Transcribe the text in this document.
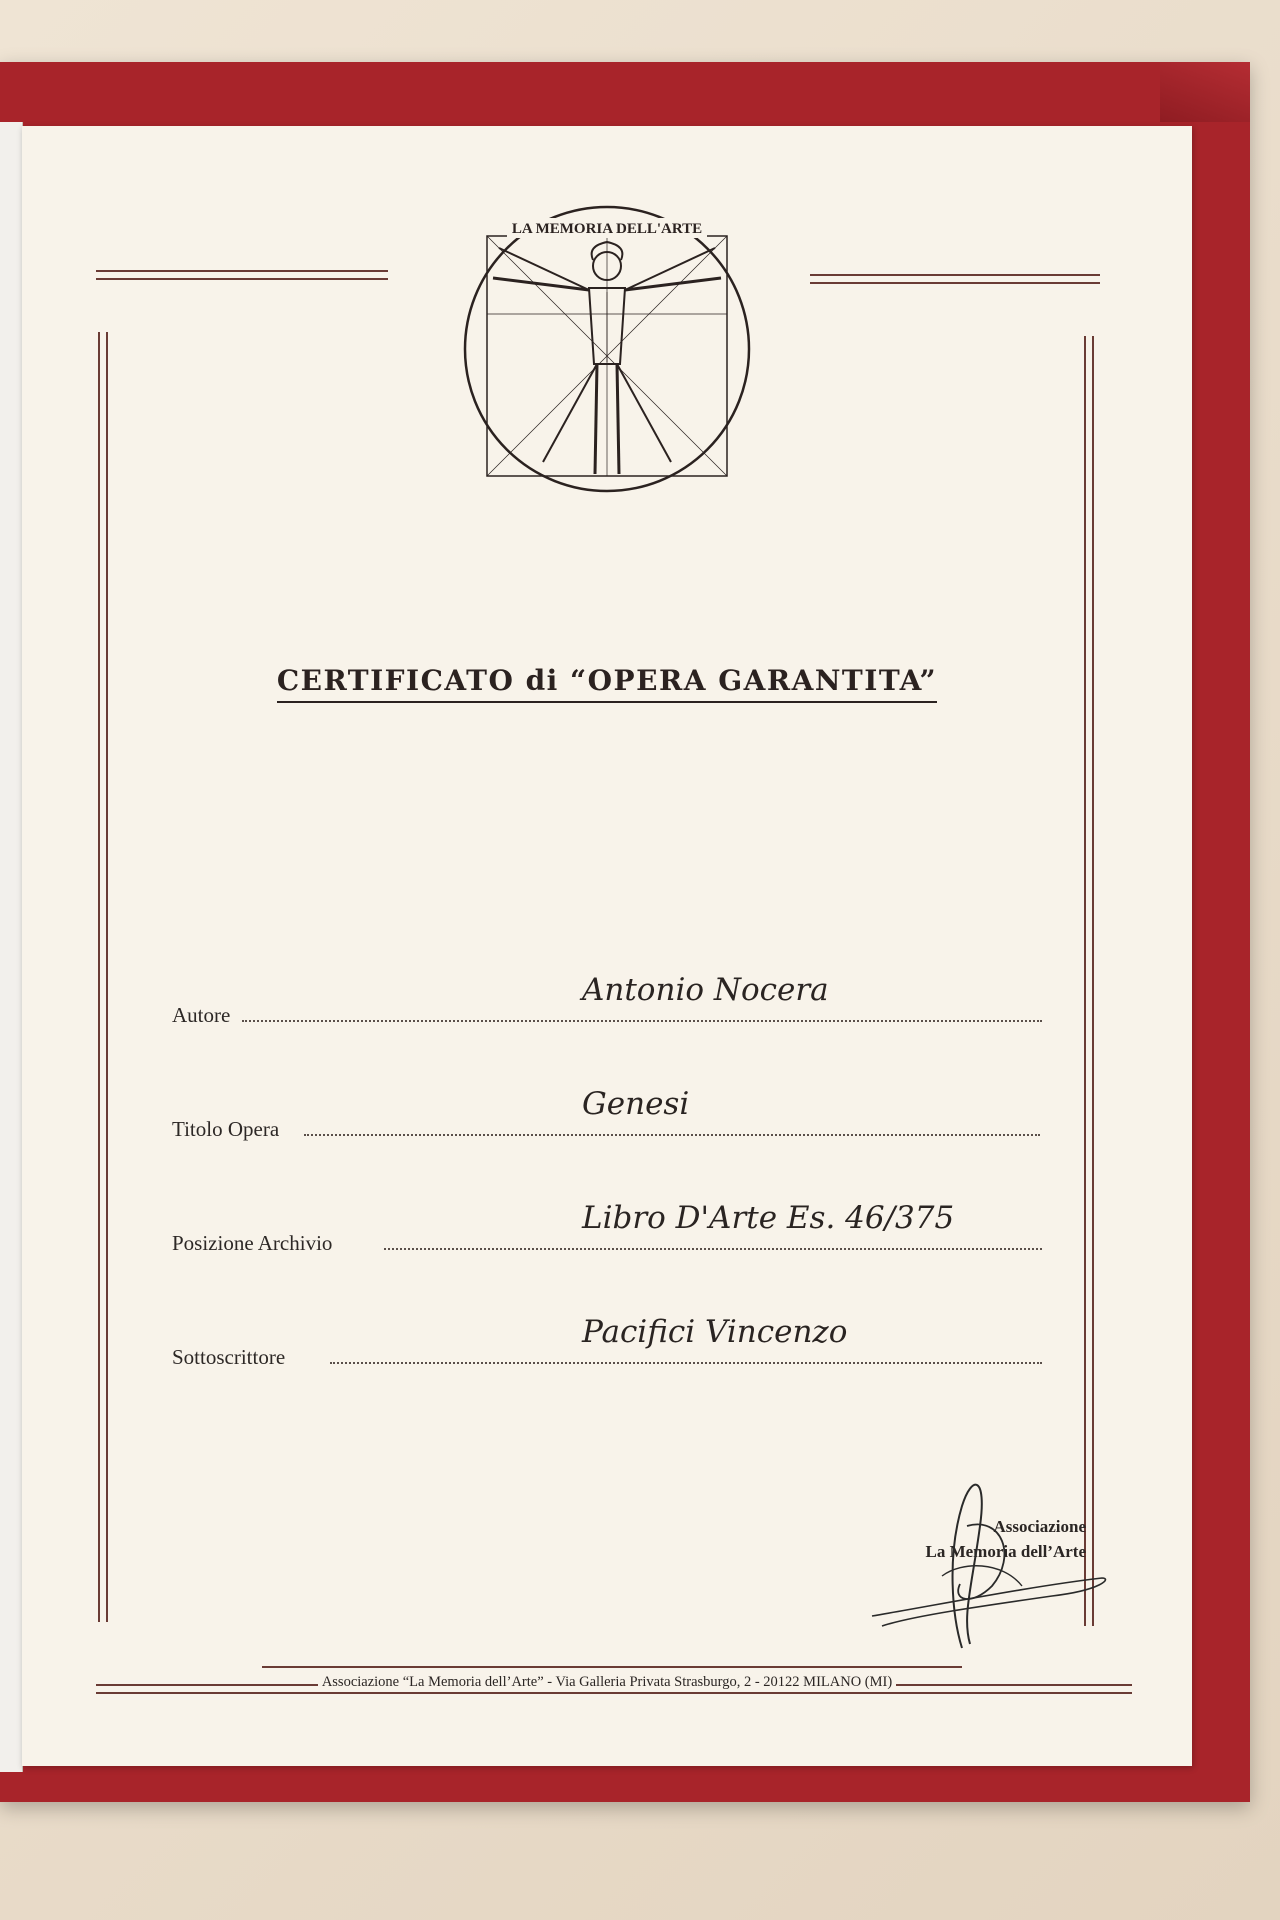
LA MEMORIA DELL'ARTE
CERTIFICATO di “OPERA GARANTITA”
Autore
Antonio Nocera
Titolo Opera
Genesi
Posizione Archivio
Libro D'Arte Es. 46/375
Sottoscrittore
Pacifici Vincenzo
Associazione
La Memoria dell’Arte
Associazione “La Memoria dell’Arte” - Via Galleria Privata Strasburgo, 2 - 20122 MILANO (MI)
